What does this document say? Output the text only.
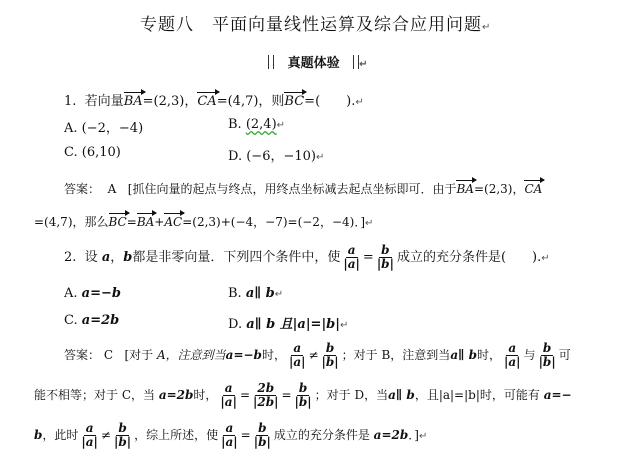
专题八　平面向量线性运算及综合应用问题↵
真题体验 ↵
1. 若向量BA=(2,3)，CA=(4,7)，则BC=(　　).↵
A. (−2，−4)	B. (2,4)↵
C. (6,10)	D. (−6，−10)↵
答案： A [抓住向量的起点与终点，用终点坐标减去起点坐标即可．由于BA=(2,3)，CA
=(4,7)，那么BC=BA+AC=(2,3)+(−4，−7)=(−2，−4)．]↵
2. 设 a，b都是非零向量．下列四个条件中，使 $\frac{a}{|a|} = \frac{b}{|b|}$ 成立的充分条件是(　　).↵
A. a=−b	B. a∥ b↵
C. a=2b	D. a∥ b 且|a|=|b|↵
答案： C [对于 A，注意到当a=−b时， $\frac{a}{|a|} \ne \frac{b}{|b|}$ ；对于 B，注意到当a∥ b时， $\frac{a}{|a|}$ 与 $\frac{b}{|b|}$ 可
能不相等；对于 C，当 a=2b时， $\frac{a}{|a|} = \frac{2b}{|2b|} = \frac{b}{|b|}$ ；对于 D，当a∥ b，且|a|=|b|时，可能有 a=−
b，此时 $\frac{a}{|a|} \ne \frac{b}{|b|}$ ，综上所述，使 $\frac{a}{|a|} = \frac{b}{|b|}$ 成立的充分条件是 a=2b．]↵
